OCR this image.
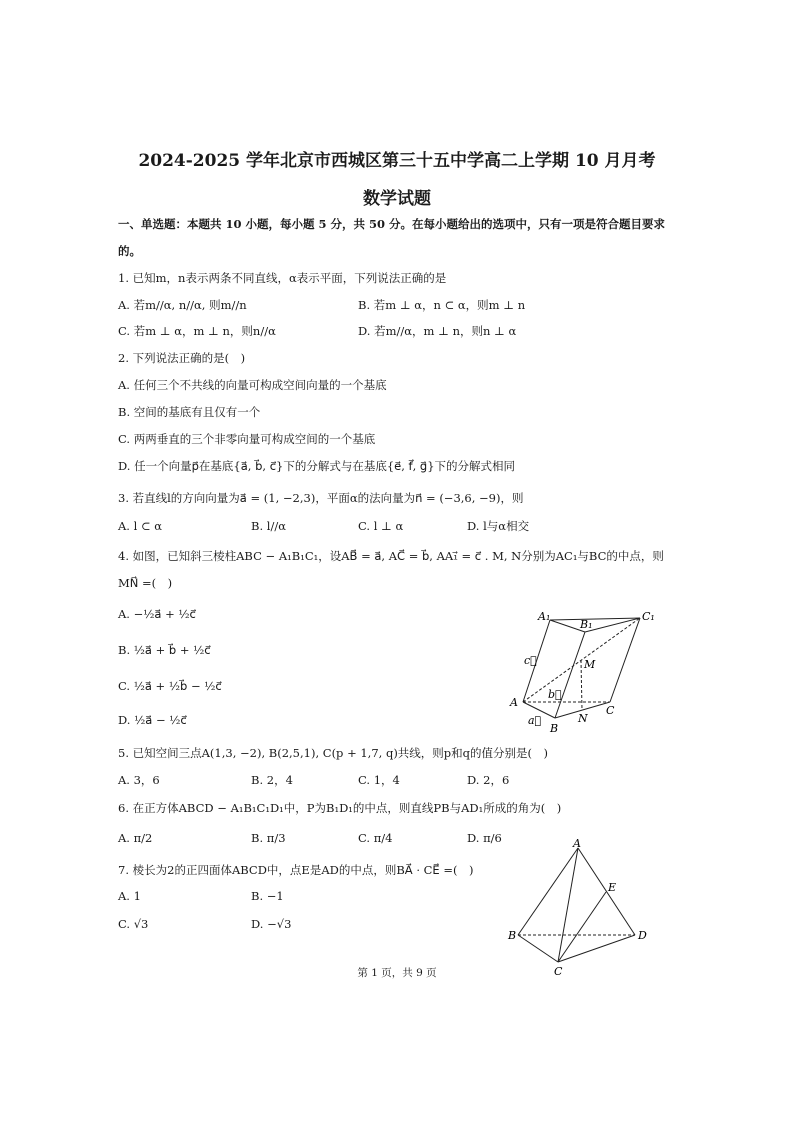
2024-2025 学年北京市西城区第三十五中学高二上学期 10 月月考
数学试题
一、单选题：本题共 10 小题，每小题 5 分，共 50 分。在每小题给出的选项中，只有一项是符合题目要求
的。
1. 已知m，n表示两条不同直线，α表示平面，下列说法正确的是
A. 若m//α, n//α, 则m//n	B. 若m ⊥ α，n ⊂ α，则m ⊥ n
C. 若m ⊥ α，m ⊥ n，则n//α	D. 若m//α，m ⊥ n，则n ⊥ α
2. 下列说法正确的是(　)
A. 任何三个不共线的向量可构成空间向量的一个基底
B. 空间的基底有且仅有一个
C. 两两垂直的三个非零向量可构成空间的一个基底
D. 任一个向量p⃗在基底{a⃗, b⃗, c⃗}下的分解式与在基底{e⃗, f⃗, g⃗}下的分解式相同
3. 若直线l的方向向量为a⃗ = (1, −2,3)，平面α的法向量为n⃗ = (−3,6, −9)，则
A. l ⊂ α	B. l//α	C. l ⊥ α	D. l与α相交
4. 如图，已知斜三棱柱ABC − A₁B₁C₁，设AB⃗ = a⃗, AC⃗ = b⃗, AA₁⃗ = c⃗ . M, N分别为AC₁与BC的中点，则
MN⃗ =(　)
A. −½a⃗ + ½c⃗
B. ½a⃗ + b⃗ + ½c⃗
C. ½a⃗ + ½b⃗ − ½c⃗
D. ½a⃗ − ½c⃗
A₁
B₁
C₁
M
c⃗
b⃗
A
a⃗	N
C
B
5. 已知空间三点A(1,3, −2), B(2,5,1), C(p + 1,7, q)共线，则p和q的值分别是(　)
A. 3，6	B. 2，4	C. 1，4	D. 2，6
6. 在正方体ABCD − A₁B₁C₁D₁中，P为B₁D₁的中点，则直线PB与AD₁所成的角为(　)
A. π/2	B. π/3	C. π/4	D. π/6
7. 棱长为2的正四面体ABCD中，点E是AD的中点，则BA⃗ · CE⃗ =(　)
A. 1	B. −1
C. √3	D. −√3
A
E
B	D
C
第 1 页，共 9 页
